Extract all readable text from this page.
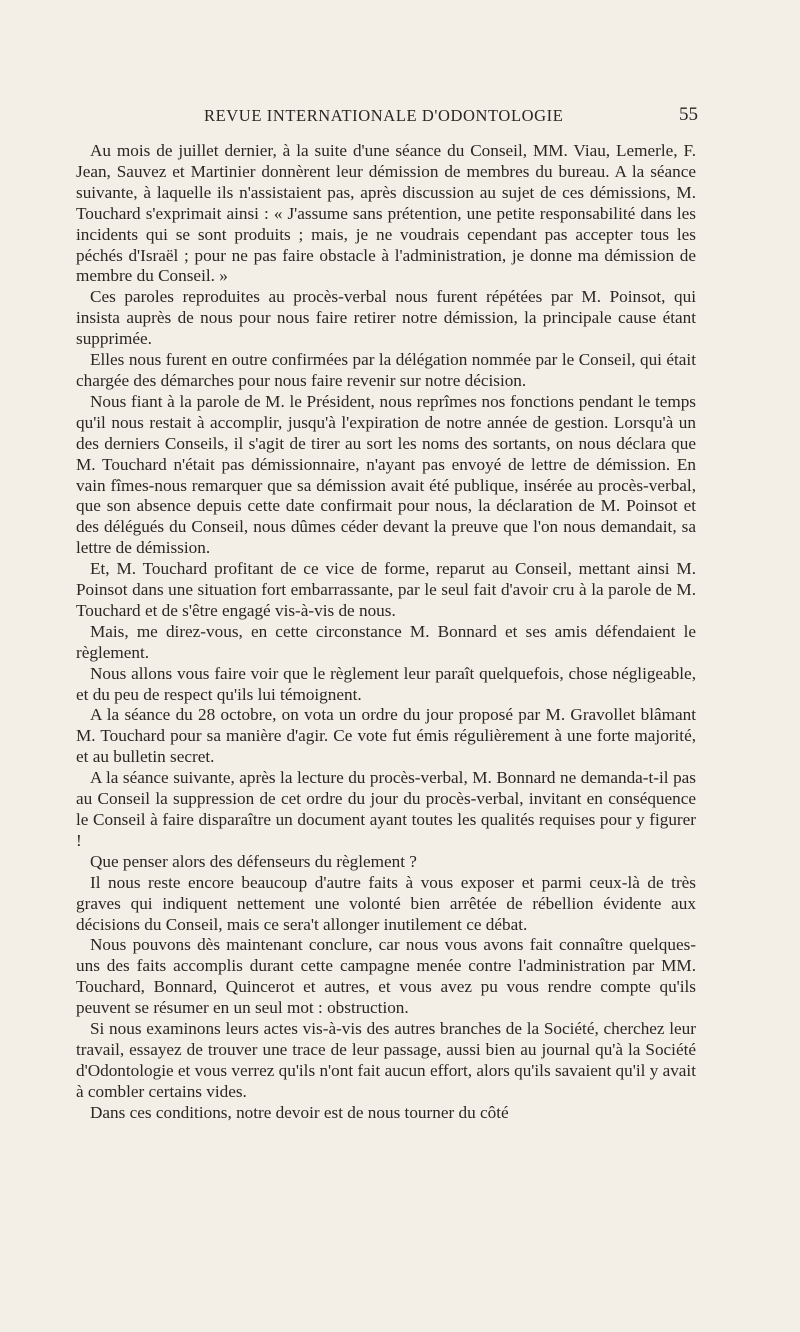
REVUE INTERNATIONALE D'ODONTOLOGIE	55

Au mois de juillet dernier, à la suite d'une séance du Conseil, MM. Viau, Lemerle, F. Jean, Sauvez et Martinier donnèrent leur démission de membres du bureau. A la séance suivante, à laquelle ils n'assistaient pas, après discussion au sujet de ces démissions, M. Touchard s'exprimait ainsi : « J'assume sans prétention, une petite responsabilité dans les incidents qui se sont produits ; mais, je ne voudrais cependant pas accepter tous les péchés d'Israël ; pour ne pas faire obstacle à l'administration, je donne ma démission de membre du Conseil. »

Ces paroles reproduites au procès-verbal nous furent répétées par M. Poinsot, qui insista auprès de nous pour nous faire retirer notre démission, la principale cause étant supprimée.

Elles nous furent en outre confirmées par la délégation nommée par le Conseil, qui était chargée des démarches pour nous faire revenir sur notre décision.

Nous fiant à la parole de M. le Président, nous reprîmes nos fonctions pendant le temps qu'il nous restait à accomplir, jusqu'à l'expiration de notre année de gestion. Lorsqu'à un des derniers Conseils, il s'agit de tirer au sort les noms des sortants, on nous déclara que M. Touchard n'était pas démissionnaire, n'ayant pas envoyé de lettre de démission. En vain fîmes-nous remarquer que sa démission avait été publique, insérée au procès-verbal, que son absence depuis cette date confirmait pour nous, la déclaration de M. Poinsot et des délégués du Conseil, nous dûmes céder devant la preuve que l'on nous demandait, sa lettre de démission.

Et, M. Touchard profitant de ce vice de forme, reparut au Conseil, mettant ainsi M. Poinsot dans une situation fort embarrassante, par le seul fait d'avoir cru à la parole de M. Touchard et de s'être engagé vis-à-vis de nous.

Mais, me direz-vous, en cette circonstance M. Bonnard et ses amis défendaient le règlement.

Nous allons vous faire voir que le règlement leur paraît quelquefois, chose négligeable, et du peu de respect qu'ils lui témoignent.

A la séance du 28 octobre, on vota un ordre du jour proposé par M. Gravollet blâmant M. Touchard pour sa manière d'agir. Ce vote fut émis régulièrement à une forte majorité, et au bulletin secret.

A la séance suivante, après la lecture du procès-verbal, M. Bonnard ne demanda-t-il pas au Conseil la suppression de cet ordre du jour du procès-verbal, invitant en conséquence le Conseil à faire disparaître un document ayant toutes les qualités requises pour y figurer !

Que penser alors des défenseurs du règlement ?

Il nous reste encore beaucoup d'autre faits à vous exposer et parmi ceux-là de très graves qui indiquent nettement une volonté bien arrêtée de rébellion évidente aux décisions du Conseil, mais ce sera't allonger inutilement ce débat.

Nous pouvons dès maintenant conclure, car nous vous avons fait connaître quelques-uns des faits accomplis durant cette campagne menée contre l'administration par MM. Touchard, Bonnard, Quincerot et autres, et vous avez pu vous rendre compte qu'ils peuvent se résumer en un seul mot : obstruction.

Si nous examinons leurs actes vis-à-vis des autres branches de la Société, cherchez leur travail, essayez de trouver une trace de leur passage, aussi bien au journal qu'à la Société d'Odontologie et vous verrez qu'ils n'ont fait aucun effort, alors qu'ils savaient qu'il y avait à combler certains vides.

Dans ces conditions, notre devoir est de nous tourner du côté
